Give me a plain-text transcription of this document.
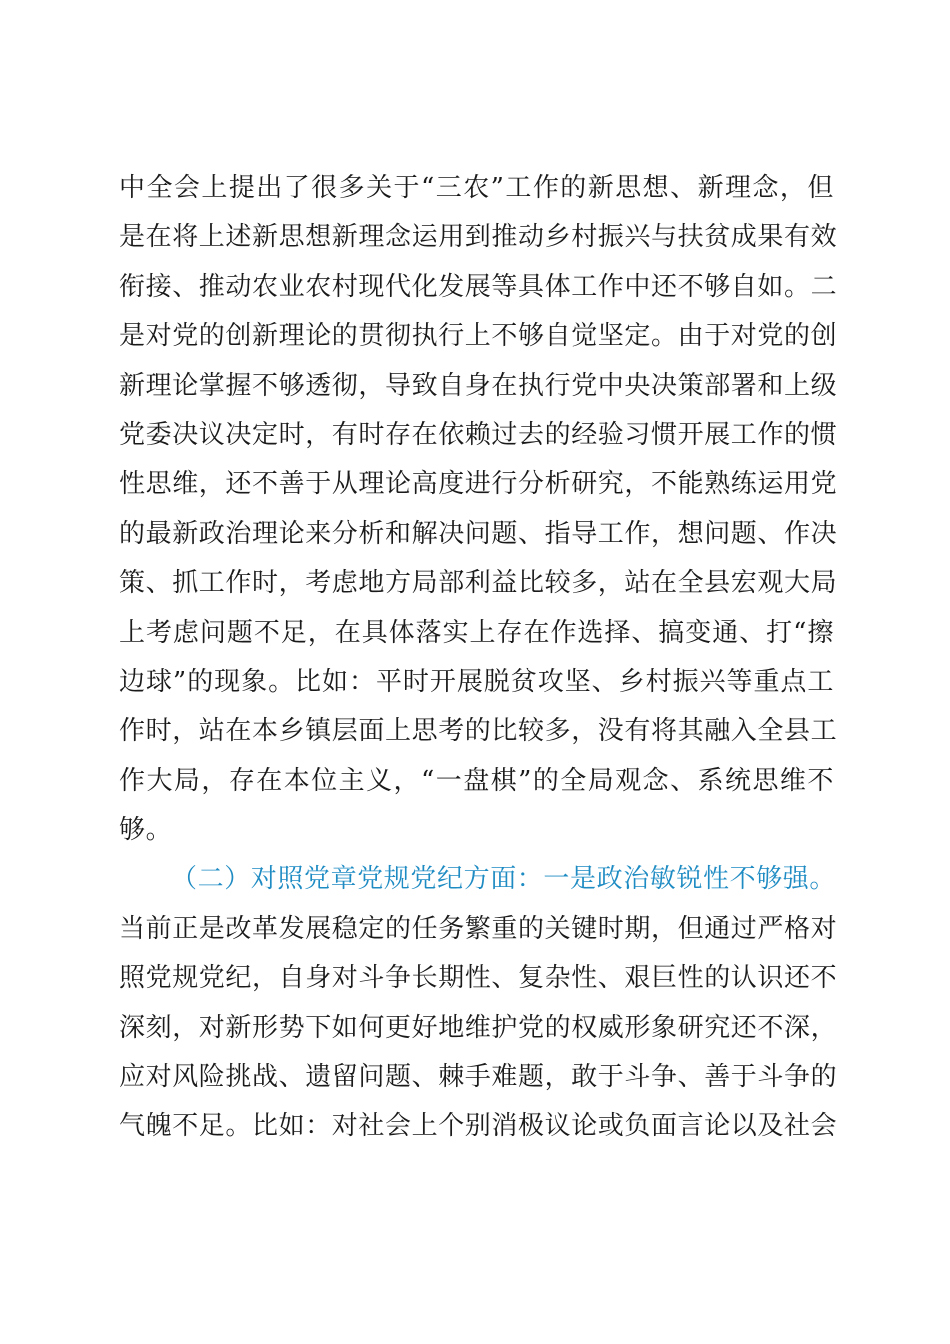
中全会上提出了很多关于“三农”工作的新思想、新理念，但
是在将上述新思想新理念运用到推动乡村振兴与扶贫成果有效
衔接、推动农业农村现代化发展等具体工作中还不够自如。二
是对党的创新理论的贯彻执行上不够自觉坚定。由于对党的创
新理论掌握不够透彻，导致自身在执行党中央决策部署和上级
党委决议决定时，有时存在依赖过去的经验习惯开展工作的惯
性思维，还不善于从理论高度进行分析研究，不能熟练运用党
的最新政治理论来分析和解决问题、指导工作，想问题、作决
策、抓工作时，考虑地方局部利益比较多，站在全县宏观大局
上考虑问题不足，在具体落实上存在作选择、搞变通、打“擦
边球”的现象。比如：平时开展脱贫攻坚、乡村振兴等重点工
作时，站在本乡镇层面上思考的比较多，没有将其融入全县工
作大局，存在本位主义，“一盘棋”的全局观念、系统思维不
够。
（二）对照党章党规党纪方面：一是政治敏锐性不够强。
当前正是改革发展稳定的任务繁重的关键时期，但通过严格对
照党规党纪，自身对斗争长期性、复杂性、艰巨性的认识还不
深刻，对新形势下如何更好地维护党的权威形象研究还不深，
应对风险挑战、遗留问题、棘手难题，敢于斗争、善于斗争的
气魄不足。比如：对社会上个别消极议论或负面言论以及社会
